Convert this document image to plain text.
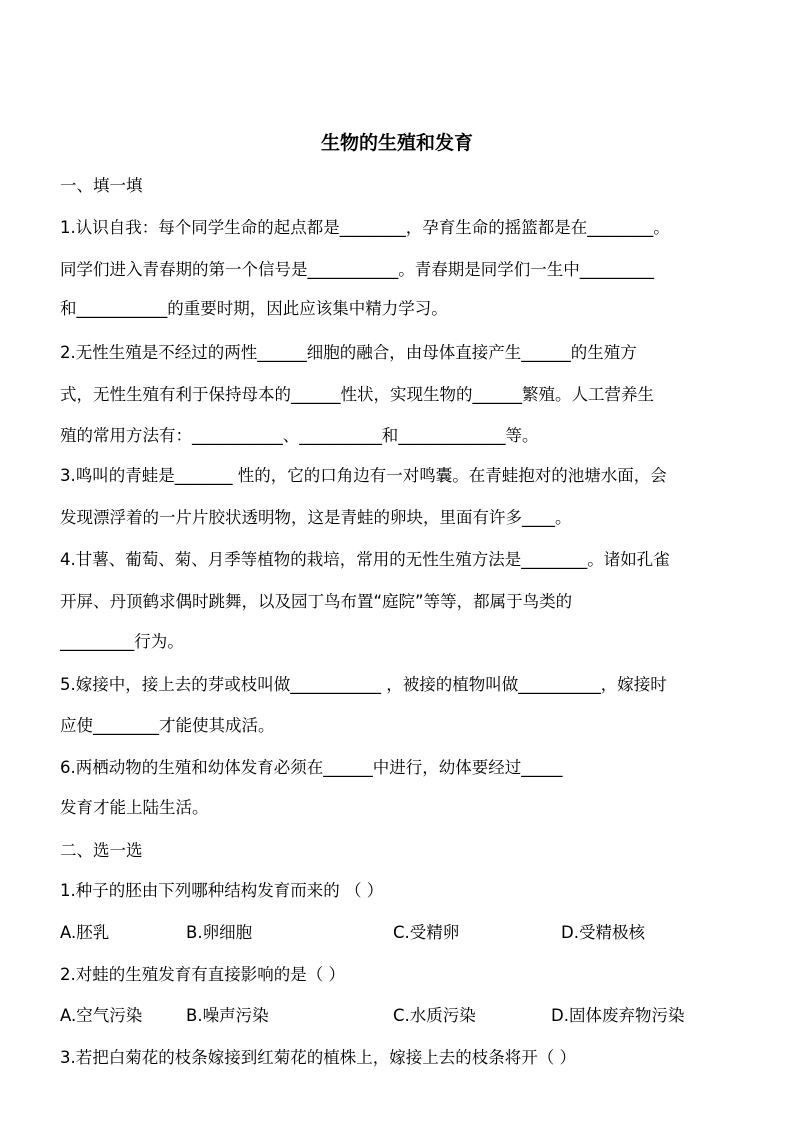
生物的生殖和发育
一、填一填
1.认识自我：每个同学生命的起点都是________，孕育生命的摇篮都是在________。
同学们进入青春期的第一个信号是___________。青春期是同学们一生中_________
和___________的重要时期，因此应该集中精力学习。
2.无性生殖是不经过的两性______细胞的融合，由母体直接产生______的生殖方
式，无性生殖有利于保持母本的______性状，实现生物的______繁殖。人工营养生
殖的常用方法有：___________、__________和_____________等。
3.鸣叫的青蛙是_______ 性的，它的口角边有一对鸣囊。在青蛙抱对的池塘水面，会
发现漂浮着的一片片胶状透明物，这是青蛙的卵块，里面有许多____。
4.甘薯、葡萄、菊、月季等植物的栽培，常用的无性生殖方法是________。诸如孔雀
开屏、丹顶鹤求偶时跳舞，以及园丁鸟布置“庭院”等等，都属于鸟类的
_________行为。
5.嫁接中，接上去的芽或枝叫做___________ ，被接的植物叫做__________，嫁接时
应使________才能使其成活。
6.两栖动物的生殖和幼体发育必须在______中进行，幼体要经过_____
发育才能上陆生活。
二、选一选
1.种子的胚由下列哪种结构发育而来的 （ ）
A.胚乳	B.卵细胞	C.受精卵	D.受精极核
2.对蛙的生殖发育有直接影响的是（ ）
A.空气污染	B.噪声污染	C.水质污染	D.固体废弃物污染
3.若把白菊花的枝条嫁接到红菊花的植株上，嫁接上去的枝条将开（ ）
